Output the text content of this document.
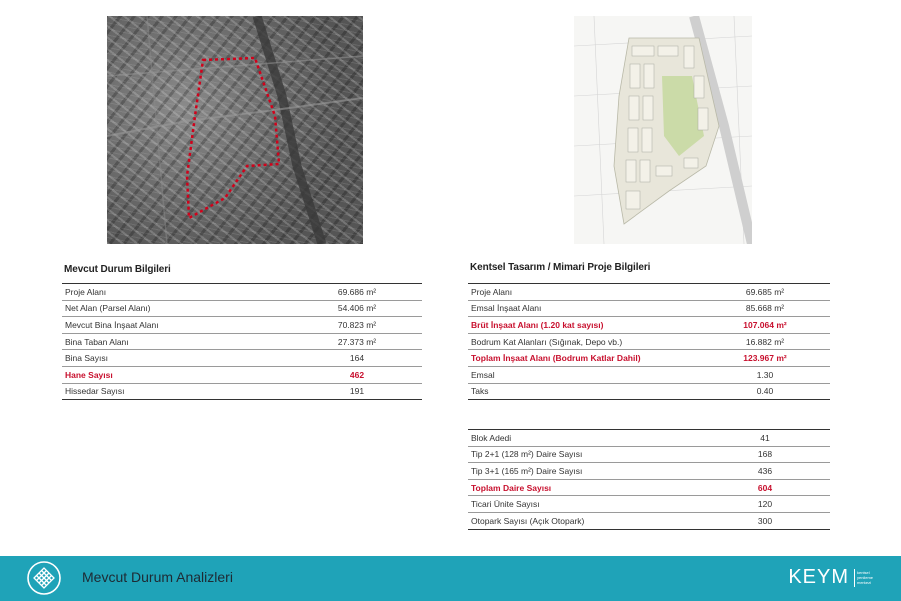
Mevcut Durum Bilgileri
Proje Alanı	69.686 m²
Net Alan (Parsel Alanı)	54.406 m²
Mevcut Bina İnşaat Alanı	70.823 m²
Bina Taban Alanı	27.373 m²
Bina Sayısı	164
Hane Sayısı	462
Hissedar Sayısı	191
Kentsel Tasarım / Mimari Proje Bilgileri
Proje Alanı	69.685 m²
Emsal İnşaat Alanı	85.668 m²
Brüt İnşaat Alanı (1.20 kat sayısı)	107.064 m²
Bodrum Kat Alanları (Sığınak, Depo vb.)	16.882 m²
Toplam İnşaat Alanı (Bodrum Katlar Dahil)	123.967 m²
Emsal	1.30
Taks	0.40
Blok Adedi	41
Tip 2+1 (128 m²) Daire Sayısı	168
Tip 3+1 (165 m²) Daire Sayısı	436
Toplam Daire Sayısı	604
Ticari Ünite Sayısı	120
Otopark Sayısı (Açık Otopark)	300
Mevcut Durum Analizleri	KEYM kentsel
yenileme
merkezi
